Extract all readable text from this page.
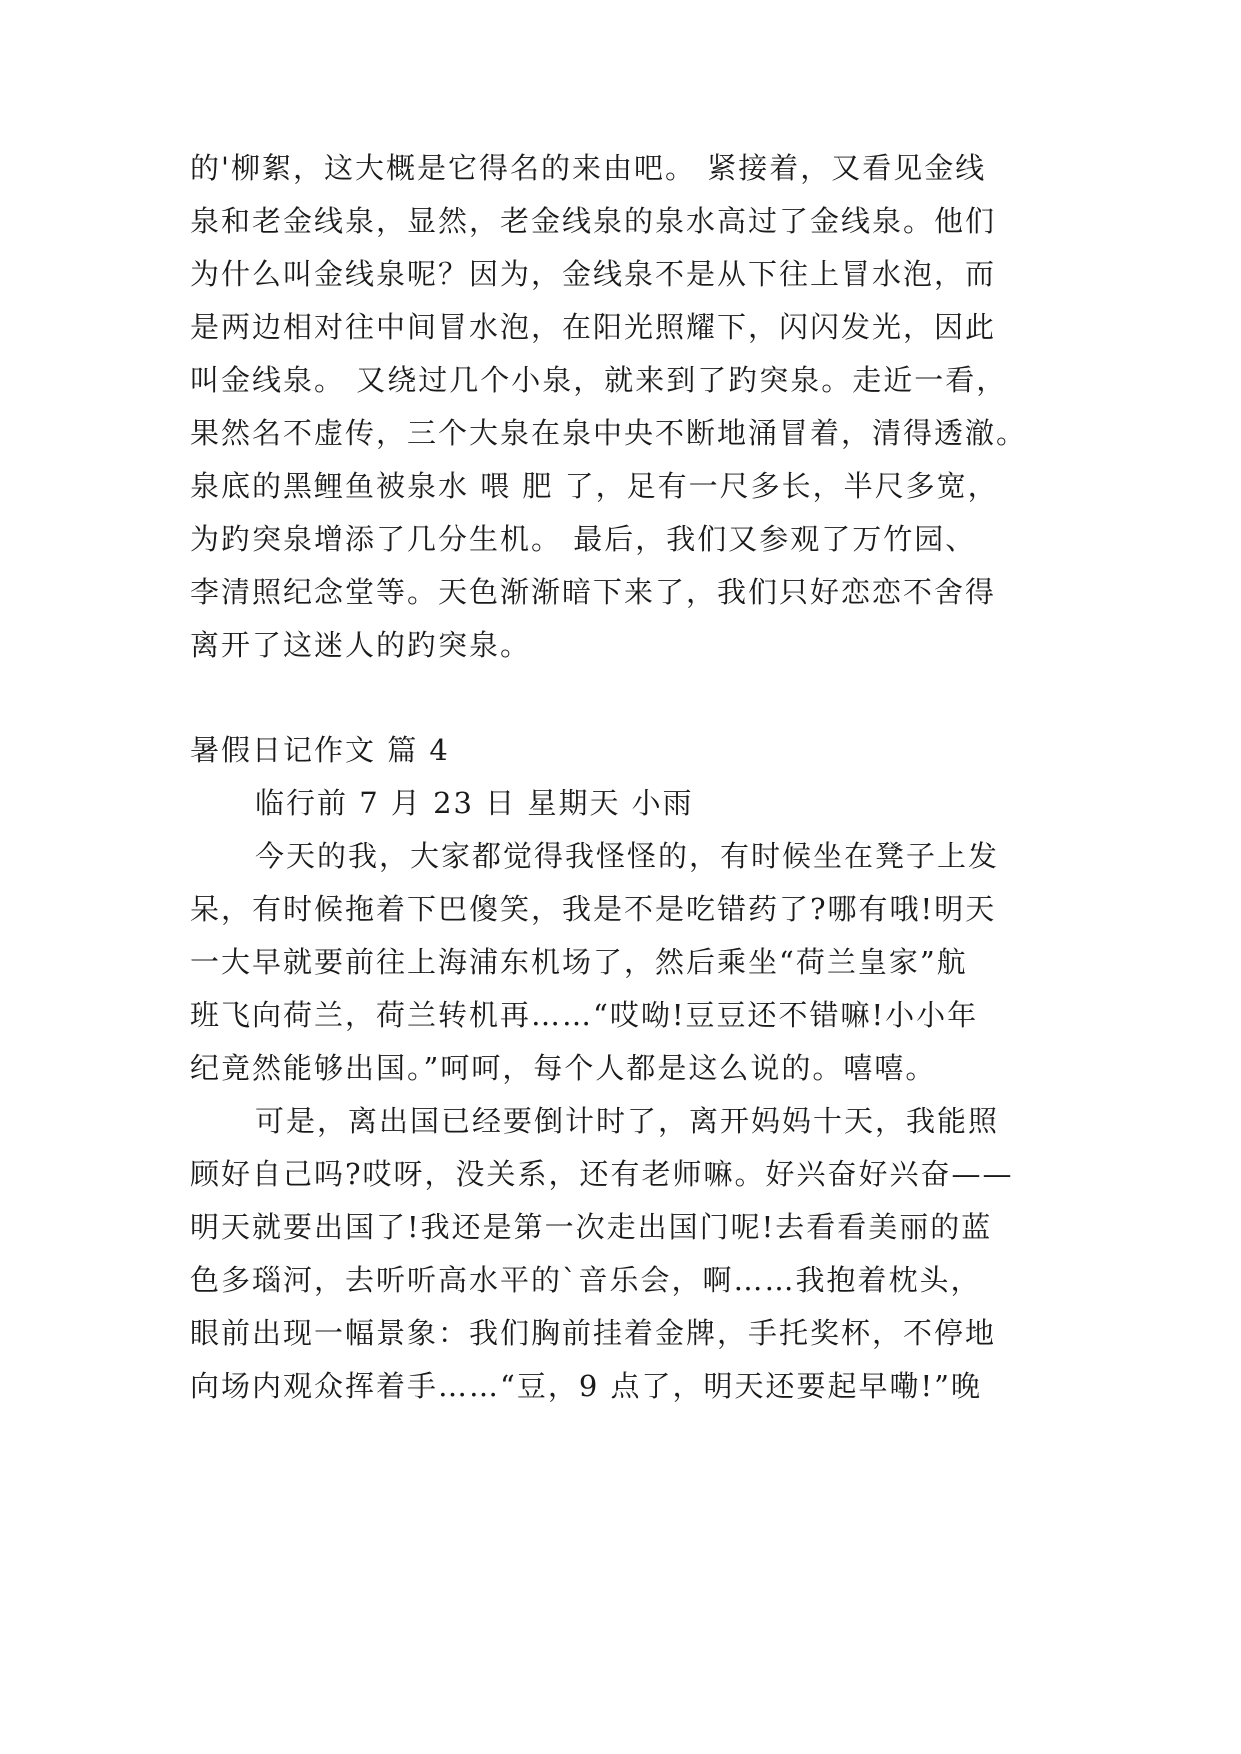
的'柳絮，这大概是它得名的来由吧。 紧接着，又看见金线
泉和老金线泉，显然，老金线泉的泉水高过了金线泉。他们
为什么叫金线泉呢？因为，金线泉不是从下往上冒水泡，而
是两边相对往中间冒水泡，在阳光照耀下，闪闪发光，因此
叫金线泉。 又绕过几个小泉，就来到了趵突泉。走近一看，
果然名不虚传，三个大泉在泉中央不断地涌冒着，清得透澈。
泉底的黑鲤鱼被泉水 喂 肥 了，足有一尺多长，半尺多宽，
为趵突泉增添了几分生机。 最后，我们又参观了万竹园、
李清照纪念堂等。天色渐渐暗下来了，我们只好恋恋不舍得
离开了这迷人的趵突泉。
暑假日记作文 篇 4
临行前 7 月 23 日 星期天 小雨
今天的我，大家都觉得我怪怪的，有时候坐在凳子上发
呆，有时候拖着下巴傻笑，我是不是吃错药了?哪有哦!明天
一大早就要前往上海浦东机场了，然后乘坐“荷兰皇家”航
班飞向荷兰，荷兰转机再……“哎呦!豆豆还不错嘛!小小年
纪竟然能够出国。”呵呵，每个人都是这么说的。嘻嘻。
可是，离出国已经要倒计时了，离开妈妈十天，我能照
顾好自己吗?哎呀，没关系，还有老师嘛。好兴奋好兴奋——
明天就要出国了!我还是第一次走出国门呢!去看看美丽的蓝
色多瑙河，去听听高水平的`音乐会，啊……我抱着枕头，
眼前出现一幅景象：我们胸前挂着金牌，手托奖杯，不停地
向场内观众挥着手……“豆，9 点了，明天还要起早嘞!”晚
